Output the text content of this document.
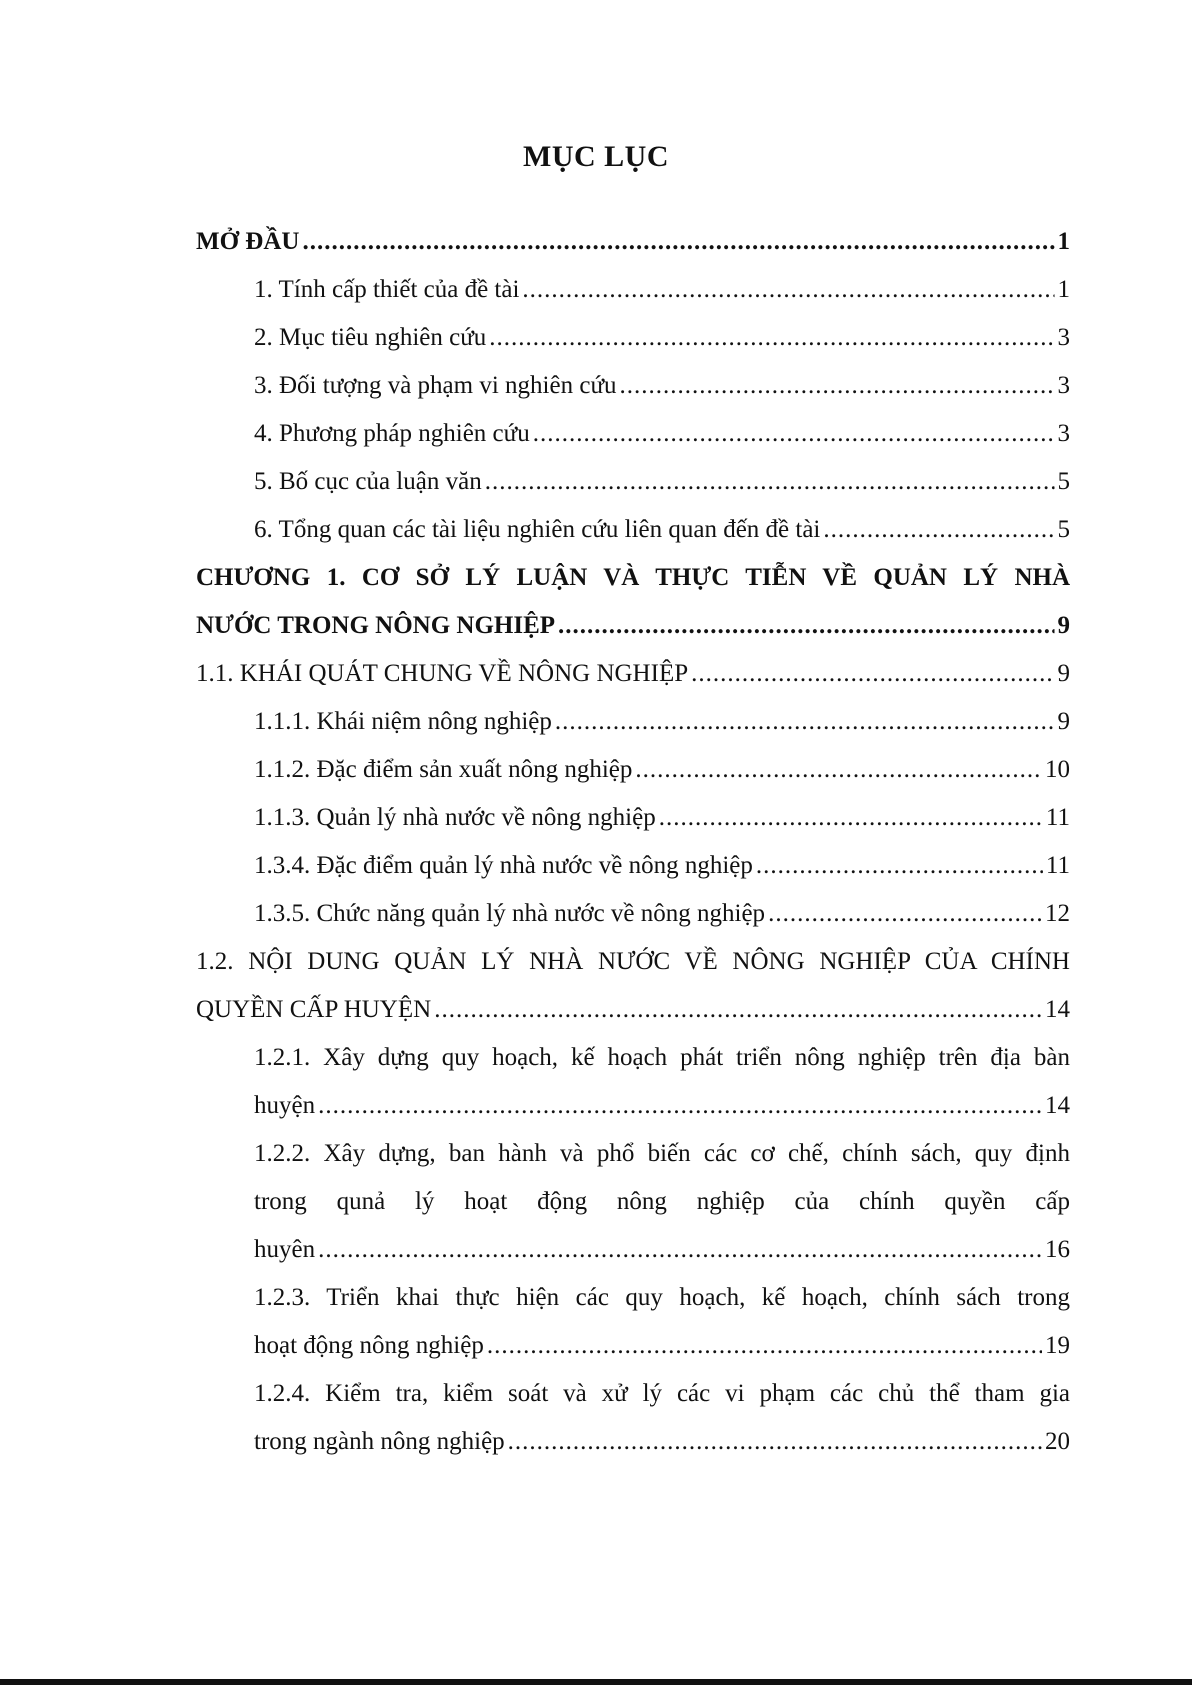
MỤC LỤC
MỞ ĐẦU .....	1
1. Tính cấp thiết của đề tài .....	1
2. Mục tiêu nghiên cứu .....	3
3. Đối tượng và phạm vi nghiên cứu .....	3
4. Phương pháp nghiên cứu .....	3
5. Bố cục của luận văn .....	5
6. Tổng quan các tài liệu nghiên cứu liên quan đến đề tài .....	5
CHƯƠNG 1. CƠ SỞ LÝ LUẬN VÀ THỰC TIỄN VỀ QUẢN LÝ NHÀ
NƯỚC TRONG NÔNG NGHIỆP .....	9
1.1. KHÁI QUÁT CHUNG VỀ NÔNG NGHIỆP .....	9
1.1.1. Khái niệm nông nghiệp .....	9
1.1.2. Đặc điểm sản xuất nông nghiệp .....	10
1.1.3. Quản lý nhà nước về nông nghiệp .....	11
1.3.4. Đặc điểm quản lý nhà nước về nông nghiệp .....	11
1.3.5. Chức năng quản lý nhà nước về nông nghiệp .....	12
1.2. NỘI DUNG QUẢN LÝ NHÀ NƯỚC VỀ NÔNG NGHIỆP CỦA CHÍNH
QUYỀN CẤP HUYỆN .....	14
1.2.1. Xây dựng quy hoạch, kế hoạch phát triển nông nghiệp trên địa bàn
huyện .....	14
1.2.2. Xây dựng, ban hành và phổ biến các cơ chế, chính sách, quy định
trong qunả lý hoạt động nông nghiệp của chính quyền cấp
huyên .....	16
1.2.3. Triển khai thực hiện các quy hoạch, kế hoạch, chính sách trong
hoạt động nông nghiệp .....	19
1.2.4. Kiểm tra, kiểm soát và xử lý các vi phạm các chủ thể tham gia
trong ngành nông nghiệp .....	20
